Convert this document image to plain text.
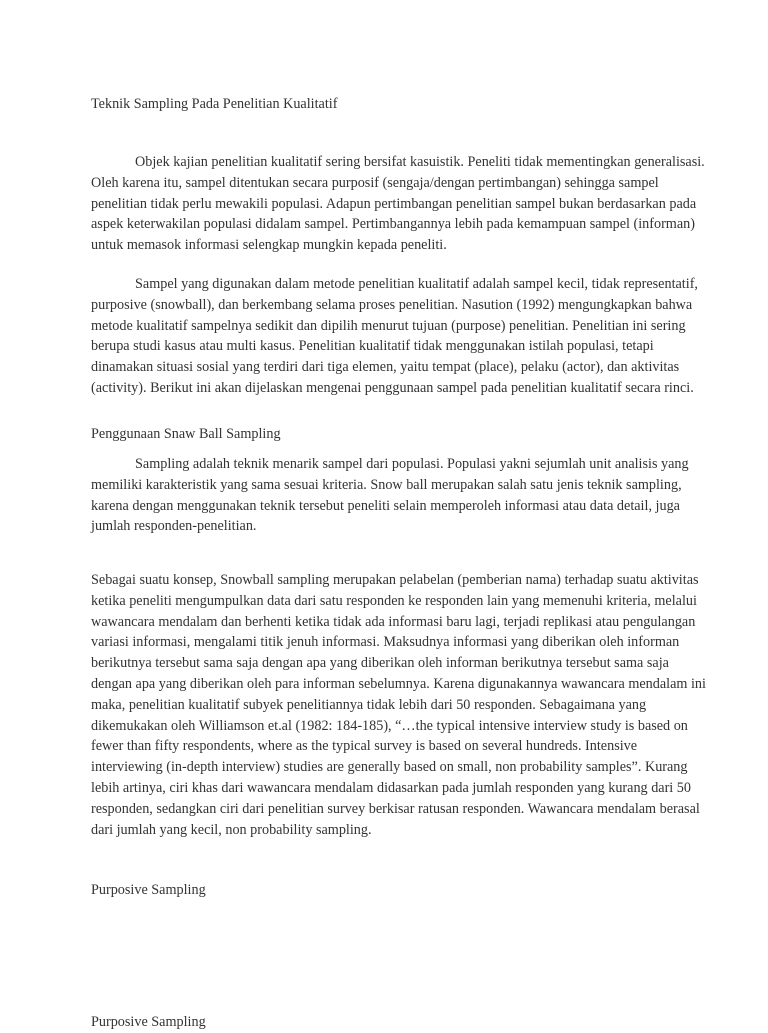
Teknik Sampling Pada Penelitian Kualitatif

Objek kajian penelitian kualitatif sering bersifat kasuistik. Peneliti tidak mementingkan generalisasi. Oleh karena itu, sampel ditentukan secara purposif (sengaja/dengan pertimbangan) sehingga sampel penelitian tidak perlu mewakili populasi. Adapun pertimbangan penelitian sampel bukan berdasarkan pada aspek keterwakilan populasi didalam sampel. Pertimbangannya lebih pada kemampuan sampel (informan) untuk memasok informasi selengkap mungkin kepada peneliti.

Sampel yang digunakan dalam metode penelitian kualitatif adalah sampel kecil, tidak representatif, purposive (snowball), dan berkembang selama proses penelitian. Nasution (1992) mengungkapkan bahwa metode kualitatif sampelnya sedikit dan dipilih menurut tujuan (purpose) penelitian. Penelitian ini sering berupa studi kasus atau multi kasus. Penelitian kualitatif tidak menggunakan istilah populasi, tetapi dinamakan situasi sosial yang terdiri dari tiga elemen, yaitu tempat (place), pelaku (actor), dan aktivitas (activity). Berikut ini akan dijelaskan mengenai penggunaan sampel pada penelitian kualitatif secara rinci.

Penggunaan Snaw Ball Sampling

Sampling adalah teknik menarik sampel dari populasi. Populasi yakni sejumlah unit analisis yang memiliki karakteristik yang sama sesuai kriteria. Snow ball merupakan salah satu jenis teknik sampling, karena dengan menggunakan teknik tersebut peneliti selain memperoleh informasi atau data detail, juga jumlah responden-penelitian.

Sebagai suatu konsep, Snowball sampling merupakan pelabelan (pemberian nama) terhadap suatu aktivitas ketika peneliti mengumpulkan data dari satu responden ke responden lain yang memenuhi kriteria, melalui wawancara mendalam dan berhenti ketika tidak ada informasi baru lagi, terjadi replikasi atau pengulangan variasi informasi, mengalami titik jenuh informasi. Maksudnya informasi yang diberikan oleh informan berikutnya tersebut sama saja dengan apa yang diberikan oleh informan berikutnya tersebut sama saja dengan apa yang diberikan oleh para informan sebelumnya. Karena digunakannya wawancara mendalam ini maka, penelitian kualitatif subyek penelitiannya tidak lebih dari 50 responden. Sebagaimana yang dikemukakan oleh Williamson et.al (1982: 184-185), “…the typical intensive interview study is based on fewer than fifty respondents, where as the typical survey is based on several hundreds. Intensive interviewing (in-depth interview) studies are generally based on small, non probability samples”. Kurang lebih artinya, ciri khas dari wawancara mendalam didasarkan pada jumlah responden yang kurang dari 50 responden, sedangkan ciri dari penelitian survey berkisar ratusan responden. Wawancara mendalam berasal dari jumlah yang kecil, non probability sampling.

Purposive Sampling

Purposive Sampling
